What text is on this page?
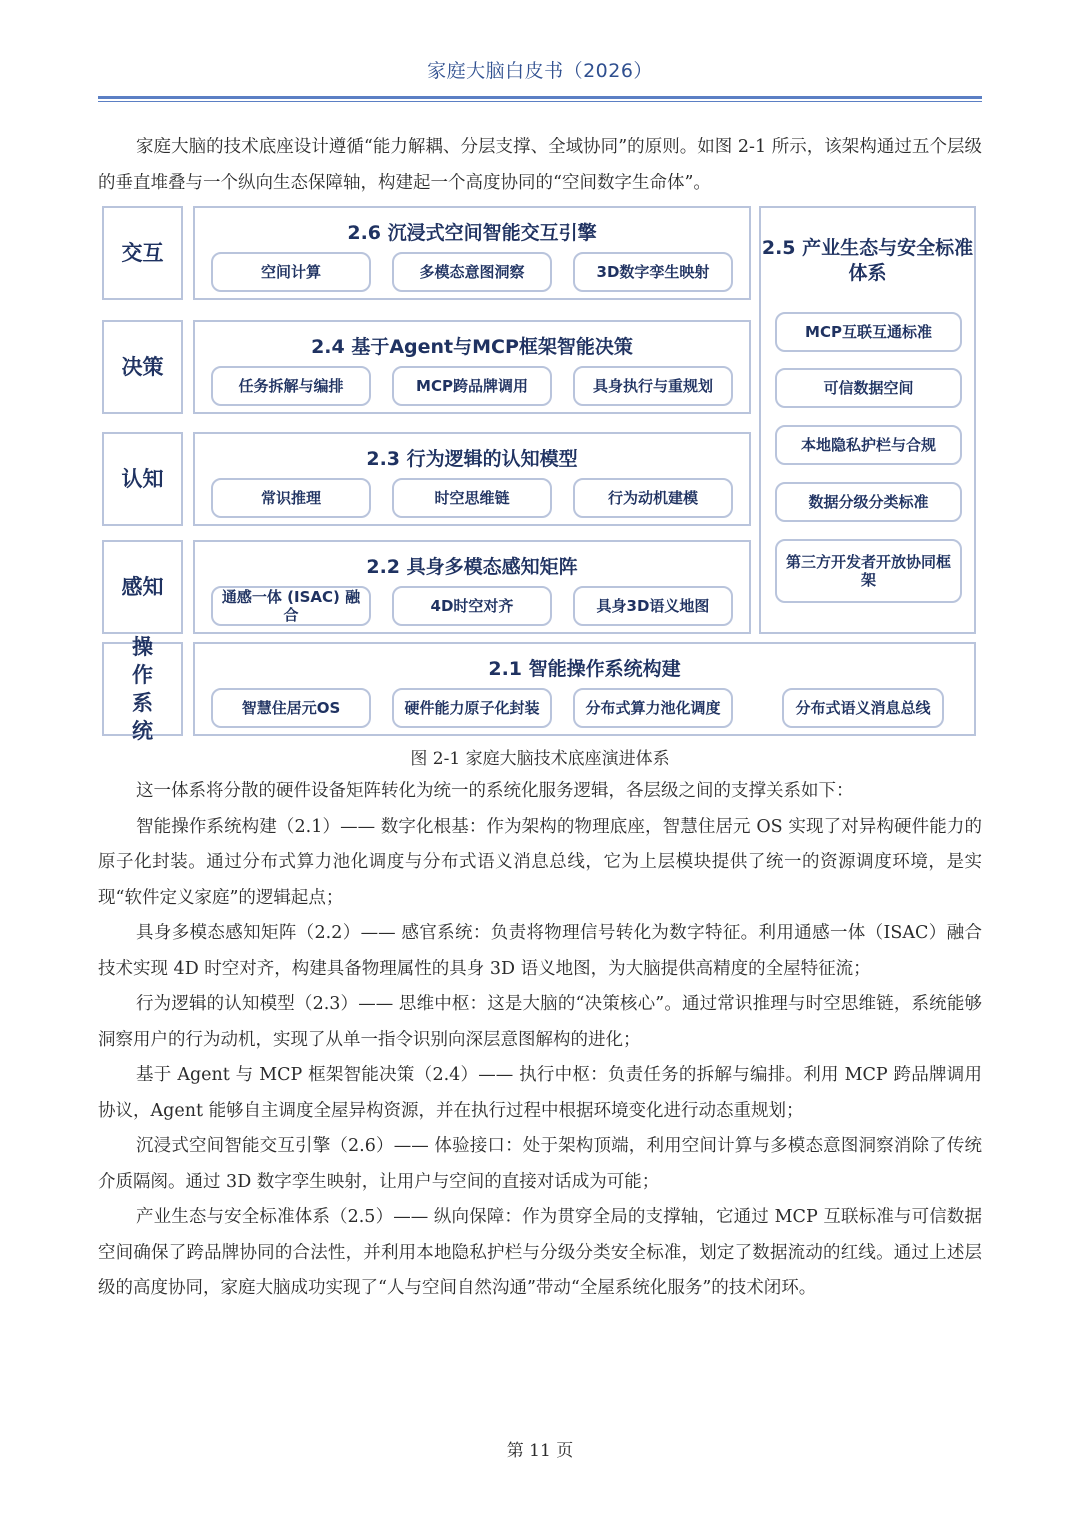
家庭大脑白皮书（2026）

家庭大脑的技术底座设计遵循“能力解耦、分层支撑、全域协同”的原则。如图 2-1 所示，该架构通过五个层级的垂直堆叠与一个纵向生态保障轴，构建起一个高度协同的“空间数字生命体”。

交互
2.6 沉浸式空间智能交互引擎
空间计算	多模态意图洞察	3D数字孪生映射
决策
2.4 基于Agent与MCP框架智能决策
任务拆解与编排	MCP跨品牌调用	具身执行与重规划
认知
2.3 行为逻辑的认知模型
常识推理	时空思维链	行为动机建模
感知
2.2 具身多模态感知矩阵
通感一体 (ISAC) 融合	4D时空对齐	具身3D语义地图
2.5 产业生态与安全标准体系
MCP互联互通标准
可信数据空间
本地隐私护栏与合规
数据分级分类标准
第三方开发者开放协同框架
操作系统
2.1 智能操作系统构建
智慧住居元OS	硬件能力原子化封装	分布式算力池化调度	分布式语义消息总线
图 2-1 家庭大脑技术底座演进体系

这一体系将分散的硬件设备矩阵转化为统一的系统化服务逻辑，各层级之间的支撑关系如下：

智能操作系统构建（2.1）—— 数字化根基：作为架构的物理底座，智慧住居元 OS 实现了对异构硬件能力的原子化封装。通过分布式算力池化调度与分布式语义消息总线，它为上层模块提供了统一的资源调度环境，是实现“软件定义家庭”的逻辑起点；

具身多模态感知矩阵（2.2）—— 感官系统：负责将物理信号转化为数字特征。利用通感一体（ISAC）融合技术实现 4D 时空对齐，构建具备物理属性的具身 3D 语义地图，为大脑提供高精度的全屋特征流；

行为逻辑的认知模型（2.3）—— 思维中枢：这是大脑的“决策核心”。通过常识推理与时空思维链，系统能够洞察用户的行为动机，实现了从单一指令识别向深层意图解构的进化；

基于 Agent 与 MCP 框架智能决策（2.4）—— 执行中枢：负责任务的拆解与编排。利用 MCP 跨品牌调用协议，Agent 能够自主调度全屋异构资源，并在执行过程中根据环境变化进行动态重规划；

沉浸式空间智能交互引擎（2.6）—— 体验接口：处于架构顶端，利用空间计算与多模态意图洞察消除了传统介质隔阂。通过 3D 数字孪生映射，让用户与空间的直接对话成为可能；

产业生态与安全标准体系（2.5）—— 纵向保障：作为贯穿全局的支撑轴，它通过 MCP 互联标准与可信数据空间确保了跨品牌协同的合法性，并利用本地隐私护栏与分级分类安全标准，划定了数据流动的红线。通过上述层级的高度协同，家庭大脑成功实现了“人与空间自然沟通”带动“全屋系统化服务”的技术闭环。

第 11 页
